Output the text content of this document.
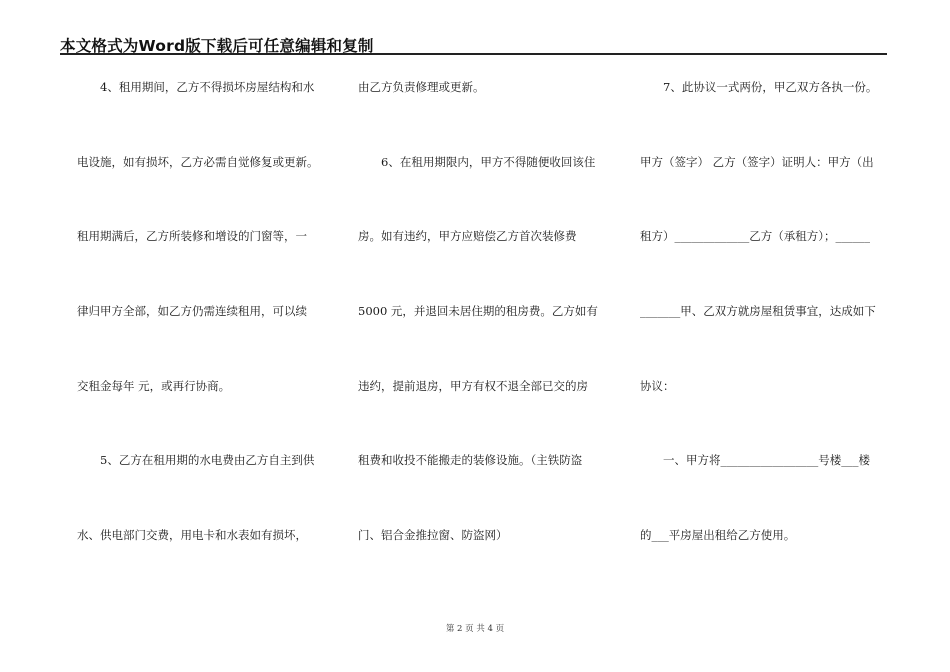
本文格式为Word版下载后可任意编辑和复制
4、租用期间，乙方不得损坏房屋结构和水
电设施，如有损坏，乙方必需自觉修复或更新。
租用期满后，乙方所装修和增设的门窗等，一
律归甲方全部，如乙方仍需连续租用，可以续
交租金每年 元，或再行协商。
5、乙方在租用期的水电费由乙方自主到供
水、供电部门交费，用电卡和水表如有损坏，
由乙方负责修理或更新。
6、在租用期限内，甲方不得随便收回该住
房。如有违约，甲方应赔偿乙方首次装修费
5000 元，并退回未居住期的租房费。乙方如有
违约，提前退房，甲方有权不退全部已交的房
租费和收投不能搬走的装修设施。（主铁防盗
门、铝合金推拉窗、防盗网）
7、此协议一式两份，甲乙双方各执一份。
甲方（签字） 乙方（签字）证明人：甲方（出
租方）_____________乙方（承租方）；______
_______甲、乙双方就房屋租赁事宜，达成如下
协议：
一、甲方将_________________号楼___楼
的___平房屋出租给乙方使用。
第 2 页 共 4 页
